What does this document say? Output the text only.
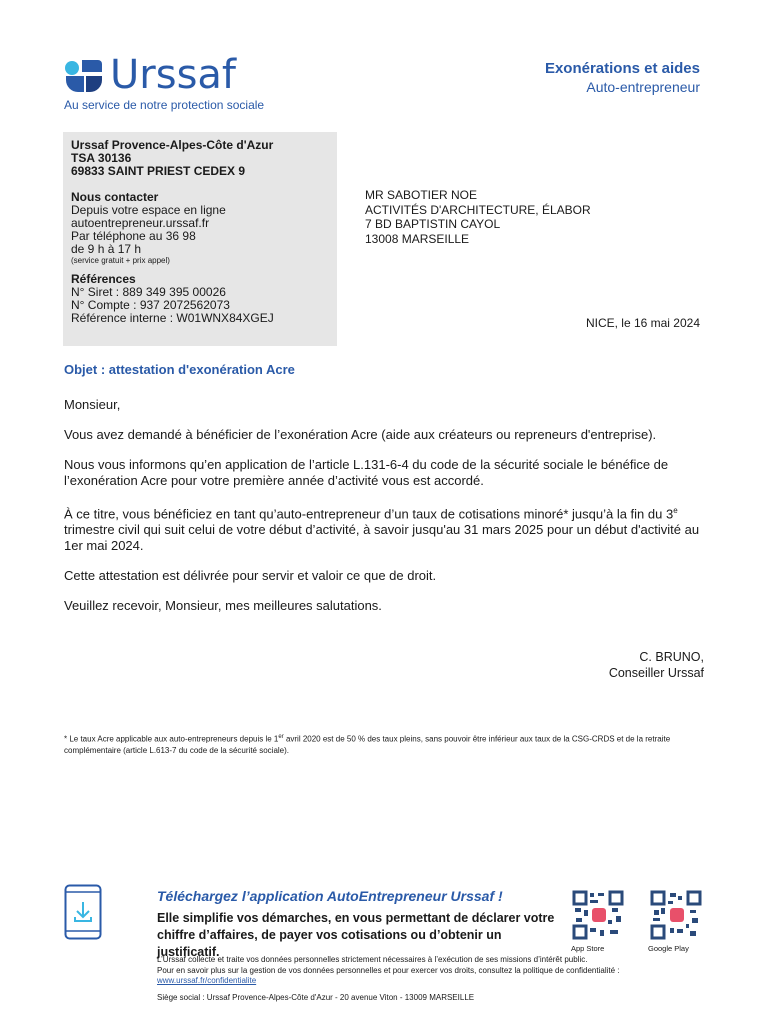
Urssaf
Au service de notre protection sociale
Exonérations et aides
Auto-entrepreneur
Urssaf Provence-Alpes-Côte d'Azur
TSA 30136
69833 SAINT PRIEST CEDEX 9
Nous contacter
Depuis votre espace en ligne
autoentrepreneur.urssaf.fr
Par téléphone au 36 98
de 9 h à 17 h
(service gratuit + prix appel)
Références
N° Siret : 889 349 395 00026
N° Compte : 937 2072562073
Référence interne : W01WNX84XGEJ
MR SABOTIER NOE
ACTIVITÉS D'ARCHITECTURE, ÉLABOR
7 BD BAPTISTIN CAYOL
13008 MARSEILLE
NICE, le 16 mai 2024
Objet : attestation d'exonération Acre

Monsieur,

Vous avez demandé à bénéficier de l’exonération Acre (aide aux créateurs ou repreneurs d'entreprise).

Nous vous informons qu’en application de l’article L.131-6-4 du code de la sécurité sociale le bénéfice de l’exonération Acre pour votre première année d’activité vous est accordé.

À ce titre, vous bénéficiez en tant qu’auto-entrepreneur d’un taux de cotisations minoré* jusqu’à la fin du 3e trimestre civil qui suit celui de votre début d’activité, à savoir jusqu'au 31 mars 2025 pour un début d'activité au 1er mai 2024.

Cette attestation est délivrée pour servir et valoir ce que de droit.

Veuillez recevoir, Monsieur, mes meilleures salutations.

C. BRUNO,
Conseiller Urssaf
* Le taux Acre applicable aux auto-entrepreneurs depuis le 1er avril 2020 est de 50 % des taux pleins, sans pouvoir être inférieur aux taux de la CSG-CRDS et de la retraite complémentaire (article L.613-7 du code de la sécurité sociale).
Téléchargez l’application AutoEntrepreneur Urssaf !
Elle simplifie vos démarches, en vous permettant de déclarer votre chiffre d’affaires, de payer vos cotisations ou d’obtenir un justificatif.	App Store	Google Play
L’Urssaf collecte et traite vos données personnelles strictement nécessaires à l’exécution de ses missions d’intérêt public.
Pour en savoir plus sur la gestion de vos données personnelles et pour exercer vos droits, consultez la politique de confidentialité :
www.urssaf.fr/confidentialite
Siège social : Urssaf Provence-Alpes-Côte d'Azur - 20 avenue Viton - 13009 MARSEILLE
